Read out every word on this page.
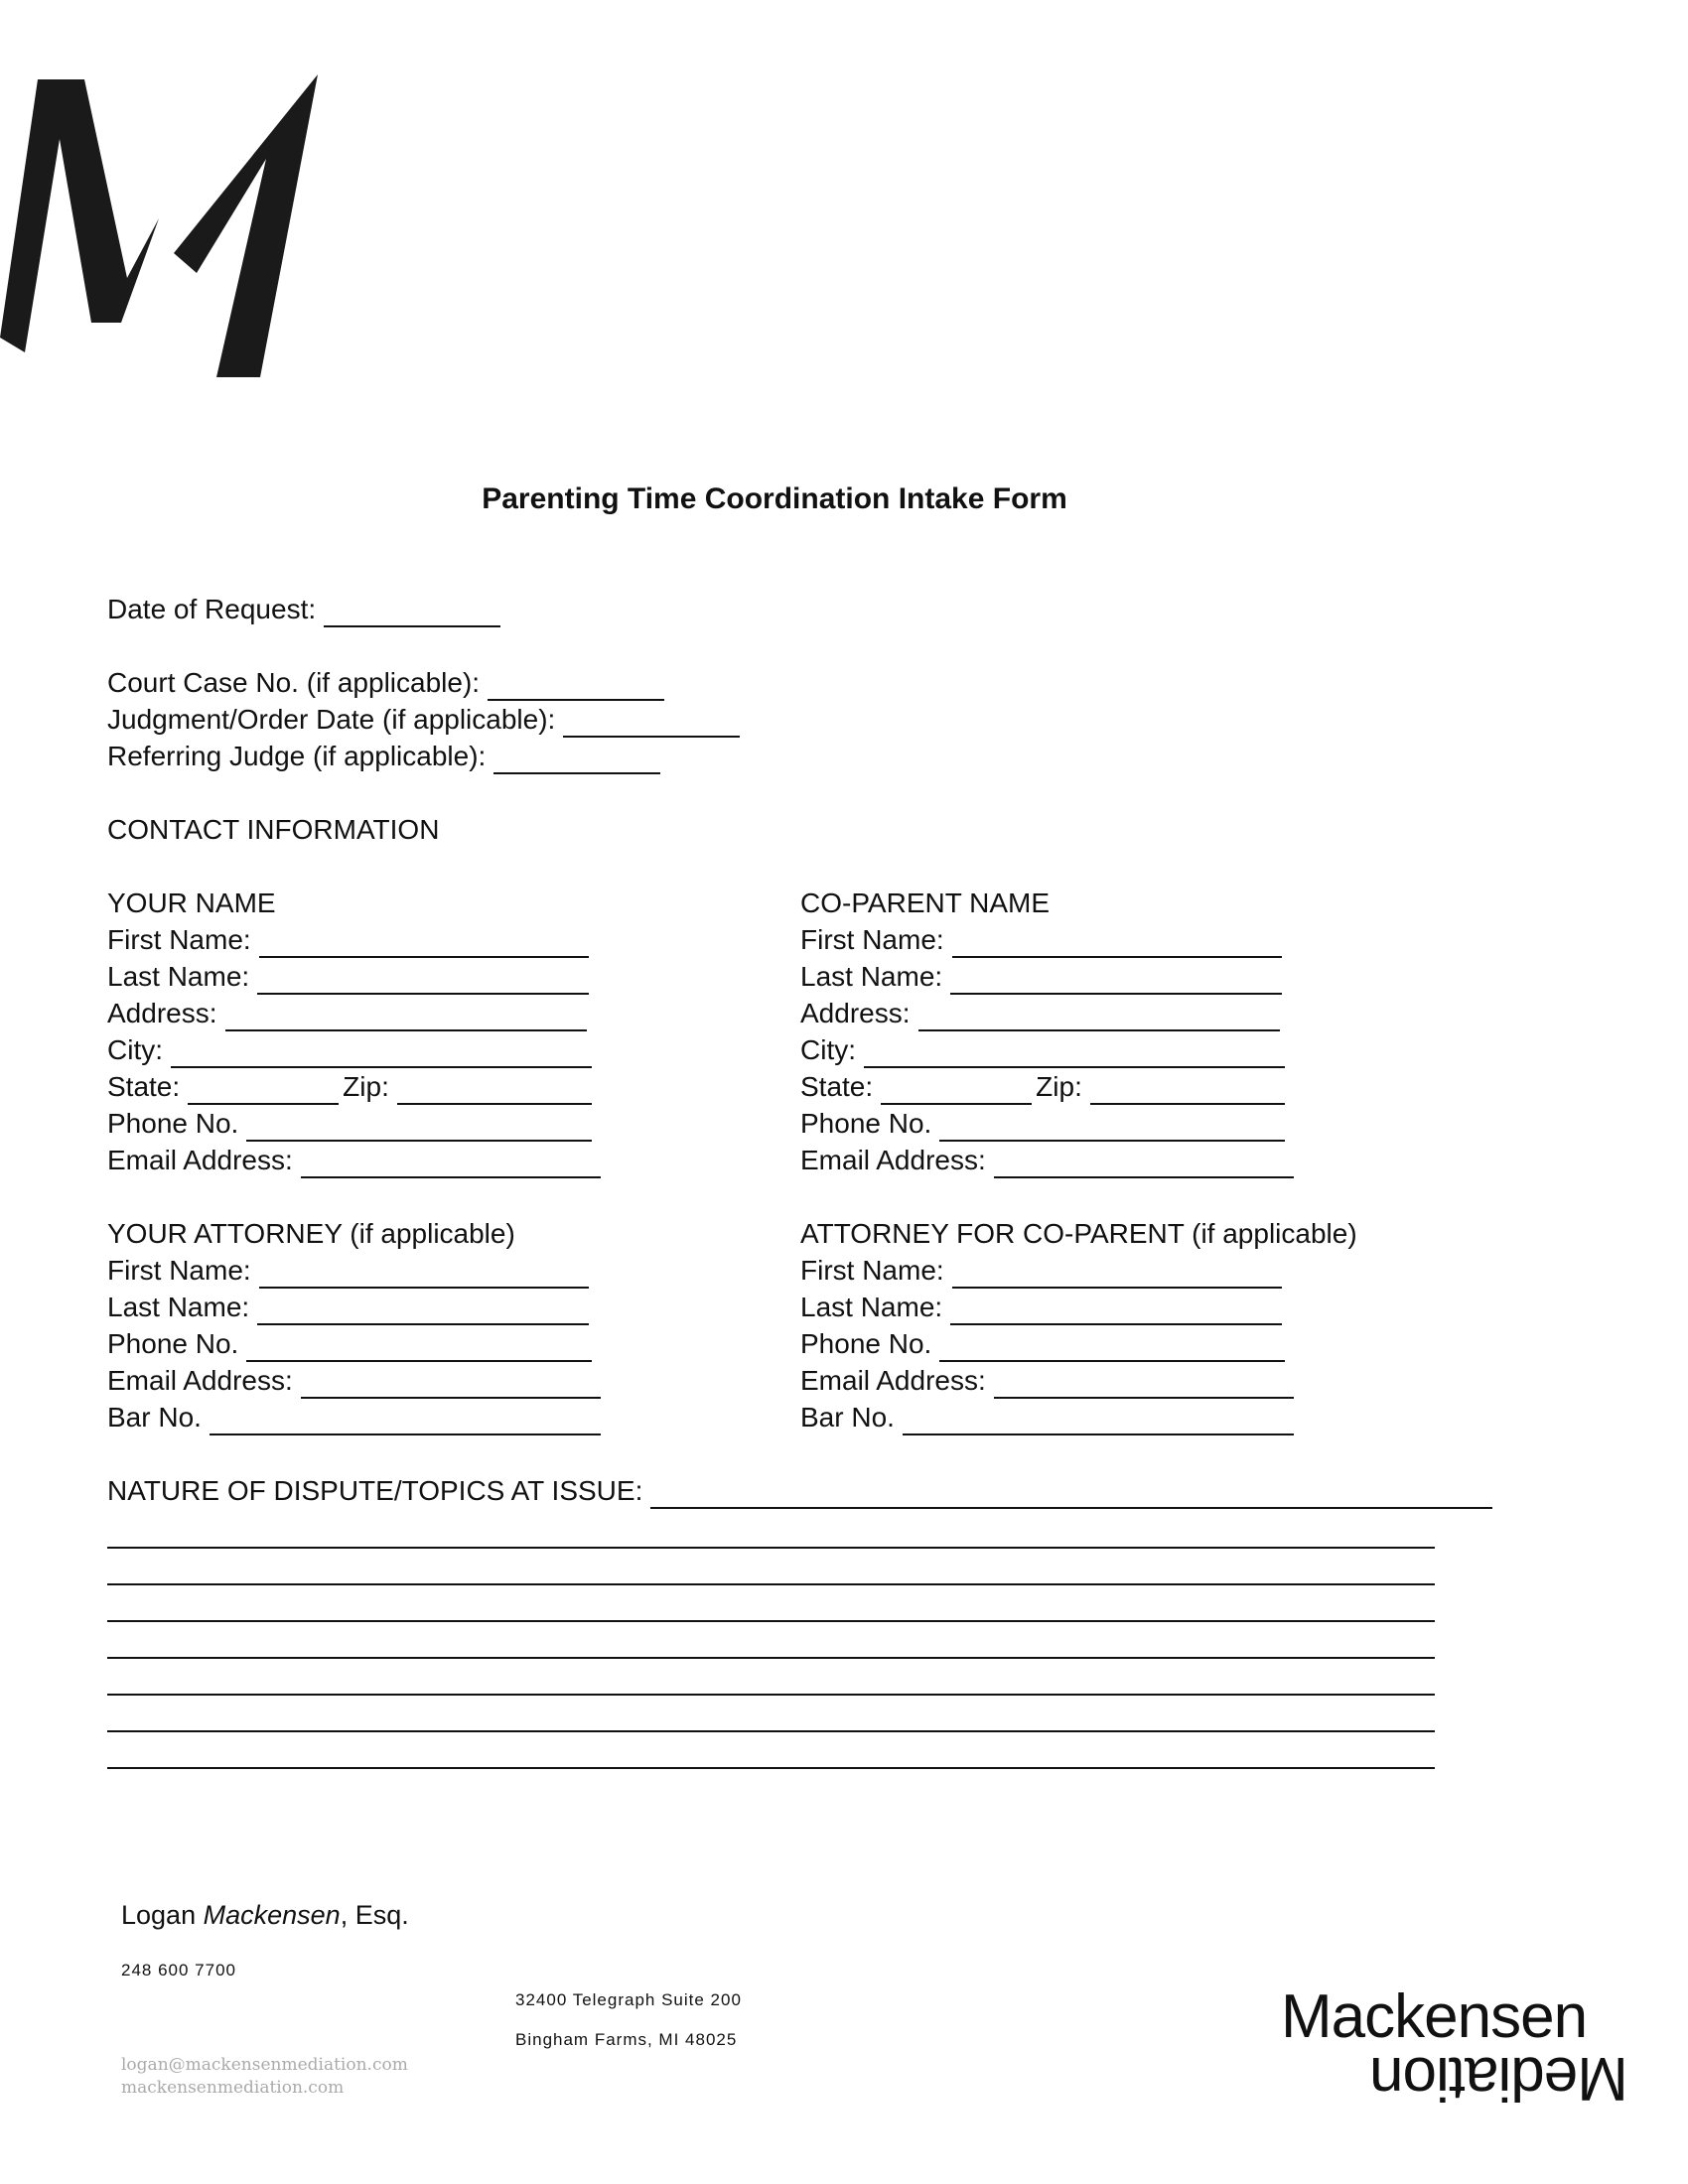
Parenting Time Coordination Intake Form
Date of Request:
Court Case No. (if applicable):
Judgment/Order Date (if applicable):
Referring Judge (if applicable):
CONTACT INFORMATION
YOUR NAME
First Name:
Last Name:
Address:
City:
State:	Zip:
Phone No.
Email Address:
CO-PARENT NAME
First Name:
Last Name:
Address:
City:
State:	Zip:
Phone No.
Email Address:
YOUR ATTORNEY (if applicable)
First Name:
Last Name:
Phone No.
Email Address:
Bar No.
ATTORNEY FOR CO-PARENT (if applicable)
First Name:
Last Name:
Phone No.
Email Address:
Bar No.
NATURE OF DISPUTE/TOPICS AT ISSUE:
Logan Mackensen, Esq.
248 600 7700
32400 Telegraph Suite 200
Bingham Farms, MI 48025
logan@mackensenmediation.com
mackensenmediation.com
Mackensen
Mediation
